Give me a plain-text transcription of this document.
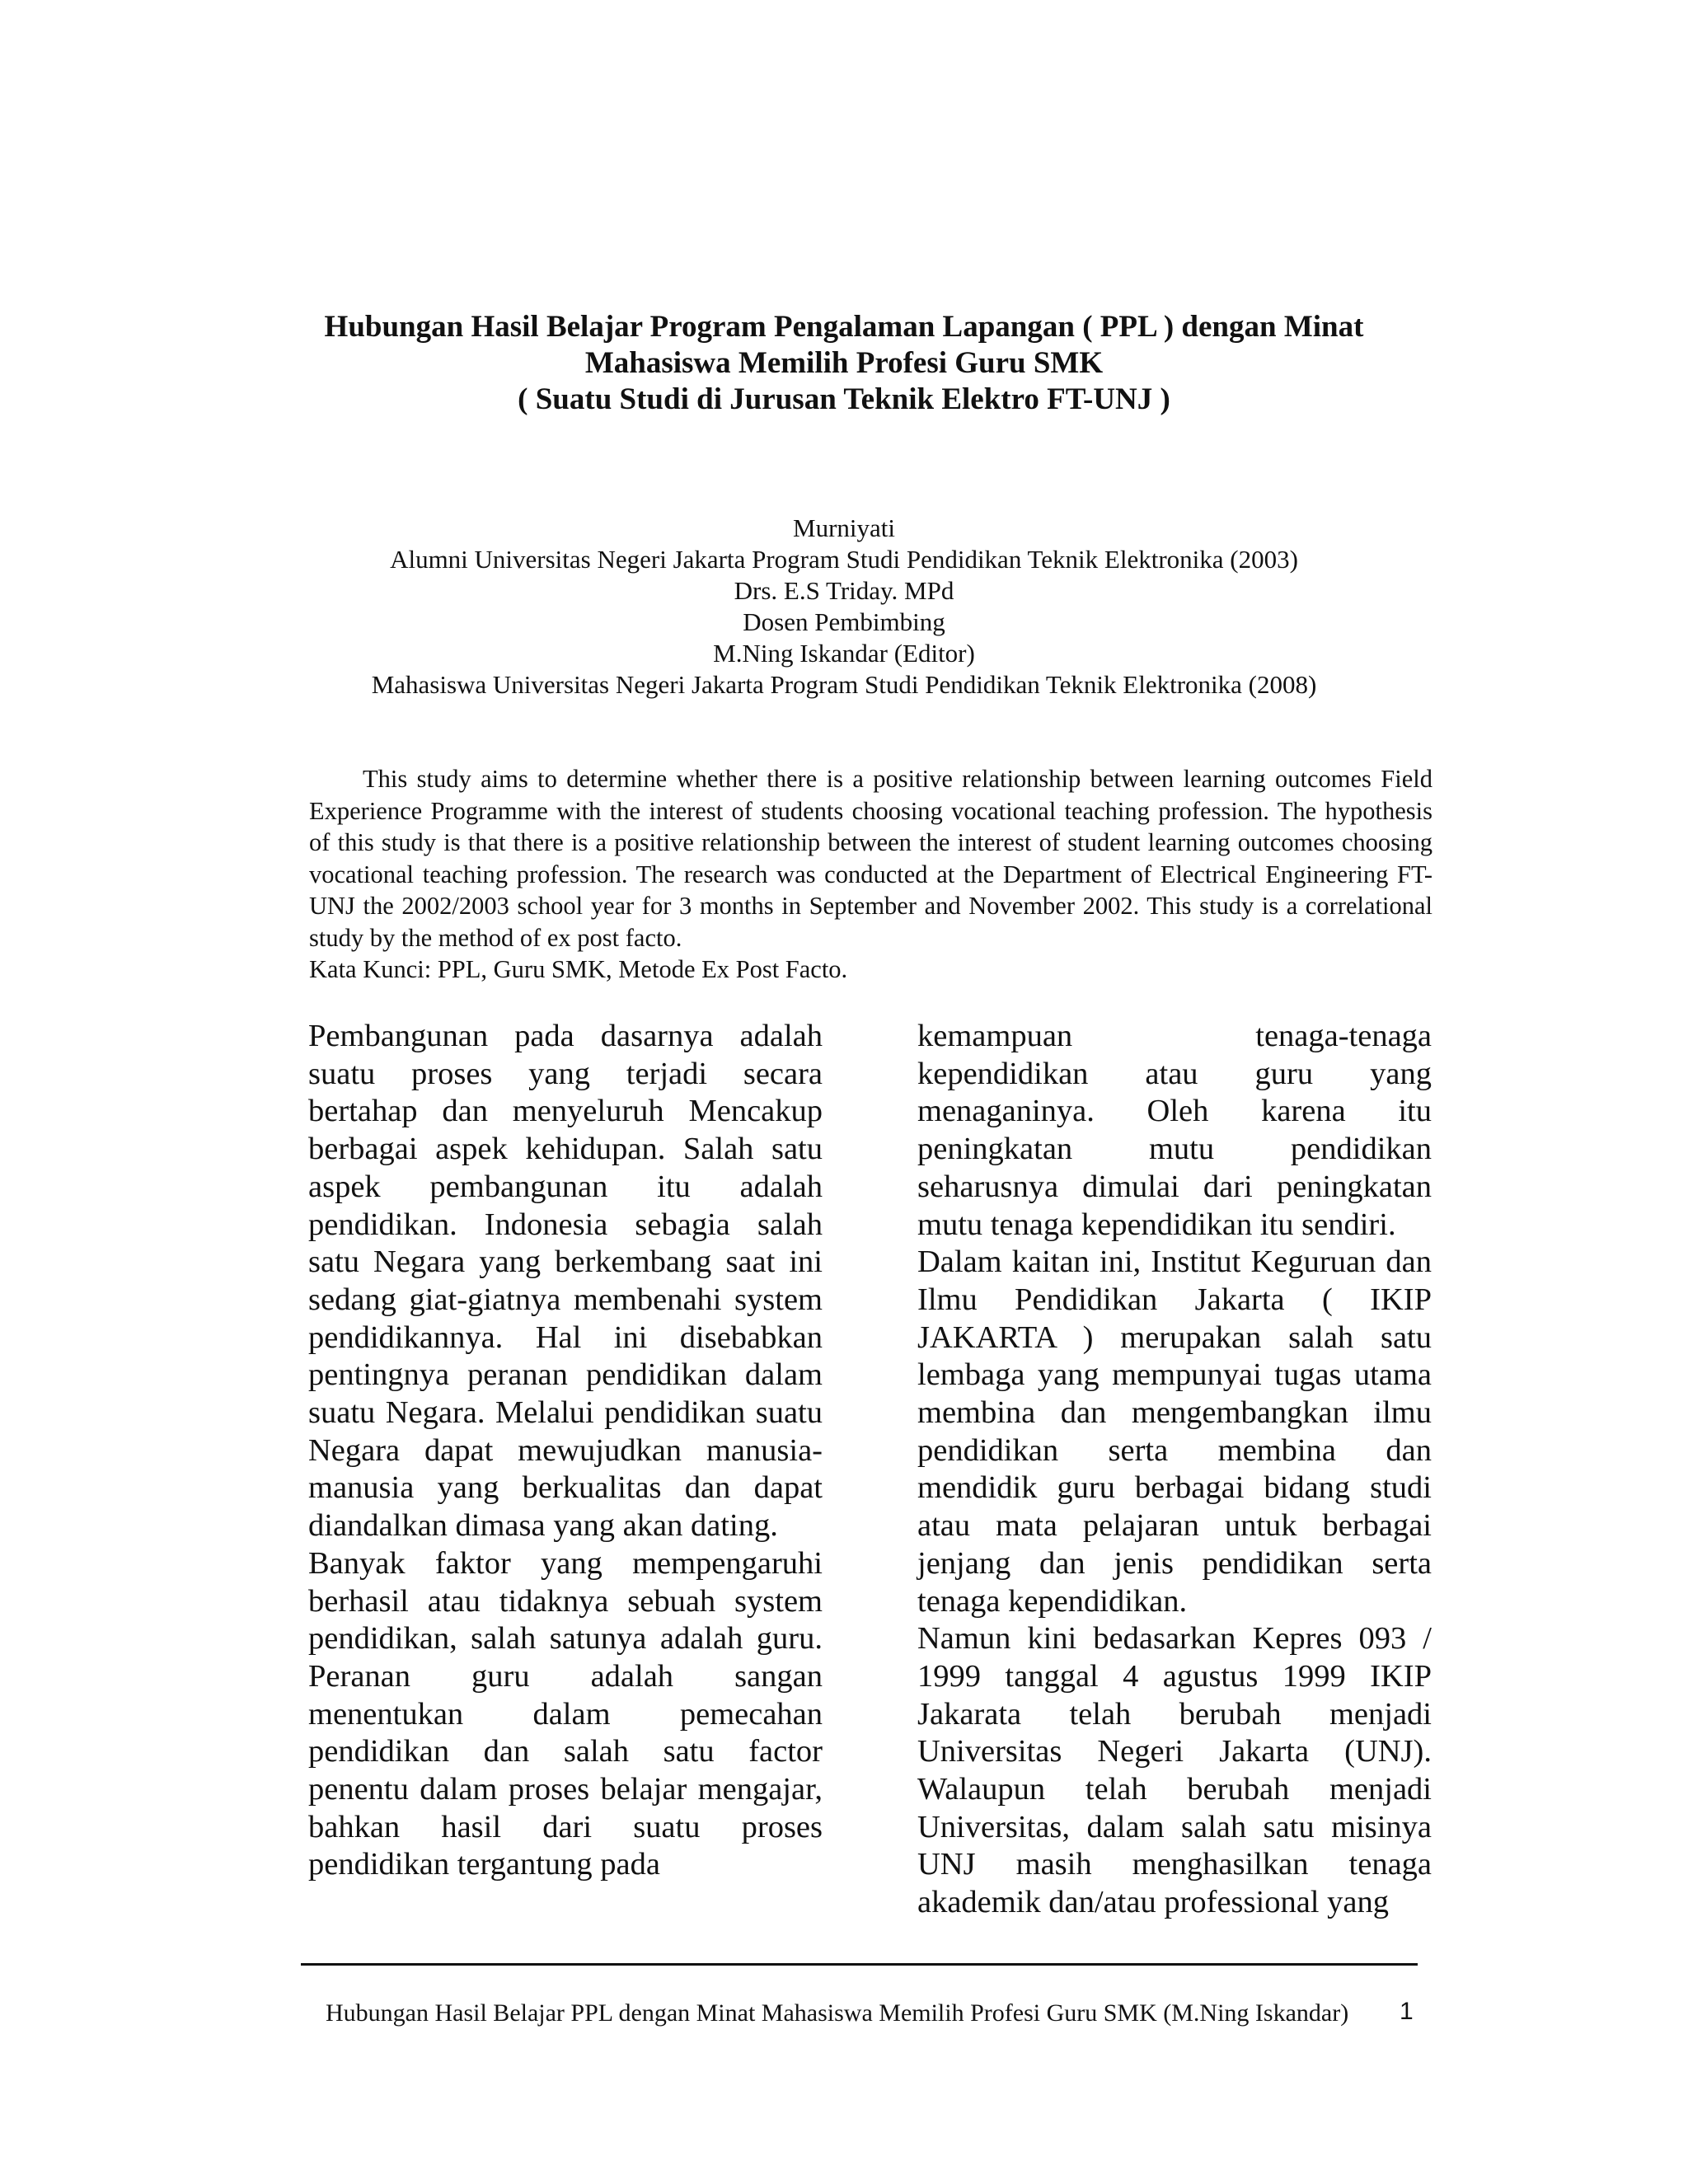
Hubungan Hasil Belajar Program Pengalaman Lapangan ( PPL ) dengan Minat
Mahasiswa Memilih Profesi Guru SMK
( Suatu Studi di Jurusan Teknik Elektro FT-UNJ )
Murniyati
Alumni Universitas Negeri Jakarta Program Studi Pendidikan Teknik Elektronika (2003)
Drs. E.S Triday. MPd
Dosen Pembimbing
M.Ning Iskandar (Editor)
Mahasiswa Universitas Negeri Jakarta Program Studi Pendidikan Teknik Elektronika (2008)

This study aims to determine whether there is a positive relationship between learning outcomes Field Experience Programme with the interest of students choosing vocational teaching profession. The hypothesis of this study is that there is a positive relationship between the interest of student learning outcomes choosing vocational teaching profession. The research was conducted at the Department of Electrical Engineering FT-UNJ the 2002/2003 school year for 3 months in September and November 2002. This study is a correlational study by the method of ex post facto.

Kata Kunci: PPL, Guru SMK, Metode Ex Post Facto.

Pembangunan pada dasarnya adalah suatu proses yang terjadi secara bertahap dan menyeluruh Mencakup berbagai aspek kehidupan. Salah satu aspek pembangunan itu adalah pendidikan. Indonesia sebagia salah satu Negara yang berkembang saat ini sedang giat-giatnya membenahi system pendidikannya. Hal ini disebabkan pentingnya peranan pendidikan dalam suatu Negara. Melalui pendidikan suatu Negara dapat mewujudkan manusia-manusia yang berkualitas dan dapat diandalkan dimasa yang akan dating.

Banyak faktor yang mempengaruhi berhasil atau tidaknya sebuah system pendidikan, salah satunya adalah guru. Peranan guru adalah sangan menentukan dalam pemecahan pendidikan dan salah satu factor penentu dalam proses belajar mengajar, bahkan hasil dari suatu proses pendidikan tergantung pada

kemampuan tenaga-tenaga kependidikan atau guru yang menaganinya. Oleh karena itu peningkatan mutu pendidikan seharusnya dimulai dari peningkatan mutu tenaga kependidikan itu sendiri.

Dalam kaitan ini, Institut Keguruan dan Ilmu Pendidikan Jakarta ( IKIP JAKARTA ) merupakan salah satu lembaga yang mempunyai tugas utama membina dan mengembangkan ilmu pendidikan serta membina dan mendidik guru berbagai bidang studi atau mata pelajaran untuk berbagai jenjang dan jenis pendidikan serta tenaga kependidikan.

Namun kini bedasarkan Kepres 093 / 1999 tanggal 4 agustus 1999 IKIP Jakarata telah berubah menjadi Universitas Negeri Jakarta (UNJ). Walaupun telah berubah menjadi Universitas, dalam salah satu misinya UNJ masih menghasilkan tenaga akademik dan/atau professional yang

Hubungan Hasil Belajar PPL dengan Minat Mahasiswa Memilih Profesi Guru SMK (M.Ning Iskandar) 1
